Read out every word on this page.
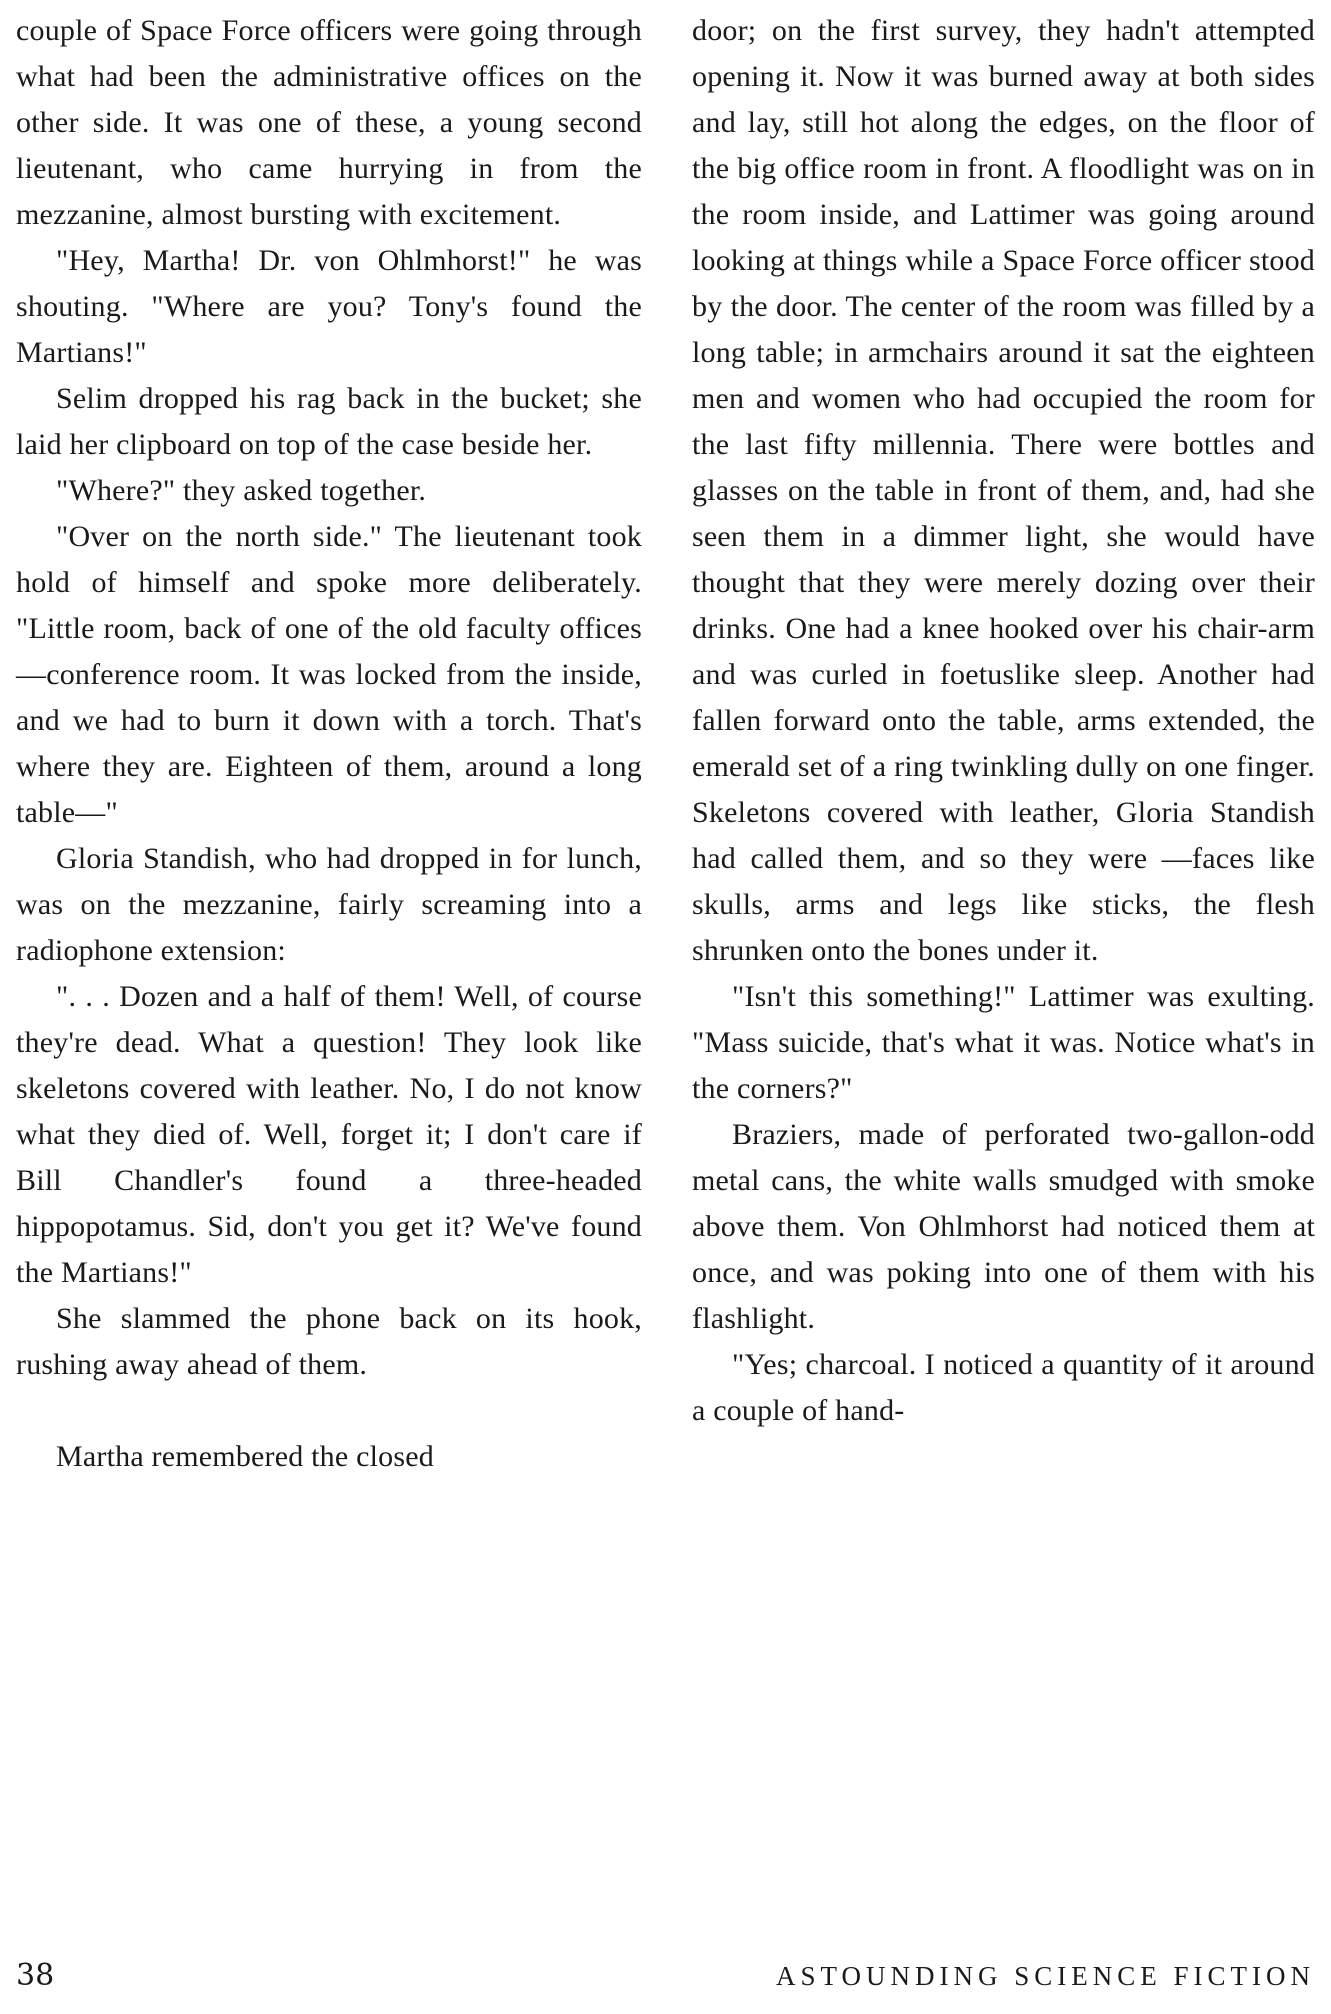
couple of Space Force officers were going through what had been the administrative offices on the other side. It was one of these, a young second lieutenant, who came hurrying in from the mezzanine, almost bursting with excitement.

"Hey, Martha! Dr. von Ohlmhorst!" he was shouting. "Where are you? Tony's found the Martians!"

Selim dropped his rag back in the bucket; she laid her clipboard on top of the case beside her.

"Where?" they asked together.

"Over on the north side." The lieutenant took hold of himself and spoke more deliberately. "Little room, back of one of the old faculty offices—conference room. It was locked from the inside, and we had to burn it down with a torch. That's where they are. Eighteen of them, around a long table—"

Gloria Standish, who had dropped in for lunch, was on the mezzanine, fairly screaming into a radiophone extension:

". . . Dozen and a half of them! Well, of course they're dead. What a question! They look like skeletons covered with leather. No, I do not know what they died of. Well, forget it; I don't care if Bill Chandler's found a three-headed hippopotamus. Sid, don't you get it? We've found the Martians!"

She slammed the phone back on its hook, rushing away ahead of them.

Martha remembered the closed

door; on the first survey, they hadn't attempted opening it. Now it was burned away at both sides and lay, still hot along the edges, on the floor of the big office room in front. A floodlight was on in the room inside, and Lattimer was going around looking at things while a Space Force officer stood by the door. The center of the room was filled by a long table; in armchairs around it sat the eighteen men and women who had occupied the room for the last fifty millennia. There were bottles and glasses on the table in front of them, and, had she seen them in a dimmer light, she would have thought that they were merely dozing over their drinks. One had a knee hooked over his chair-arm and was curled in foetuslike sleep. Another had fallen forward onto the table, arms extended, the emerald set of a ring twinkling dully on one finger. Skeletons covered with leather, Gloria Standish had called them, and so they were —faces like skulls, arms and legs like sticks, the flesh shrunken onto the bones under it.

"Isn't this something!" Lattimer was exulting. "Mass suicide, that's what it was. Notice what's in the corners?"

Braziers, made of perforated two-gallon-odd metal cans, the white walls smudged with smoke above them. Von Ohlmhorst had noticed them at once, and was poking into one of them with his flashlight.

"Yes; charcoal. I noticed a quantity of it around a couple of hand-

38	ASTOUNDING SCIENCE FICTION
